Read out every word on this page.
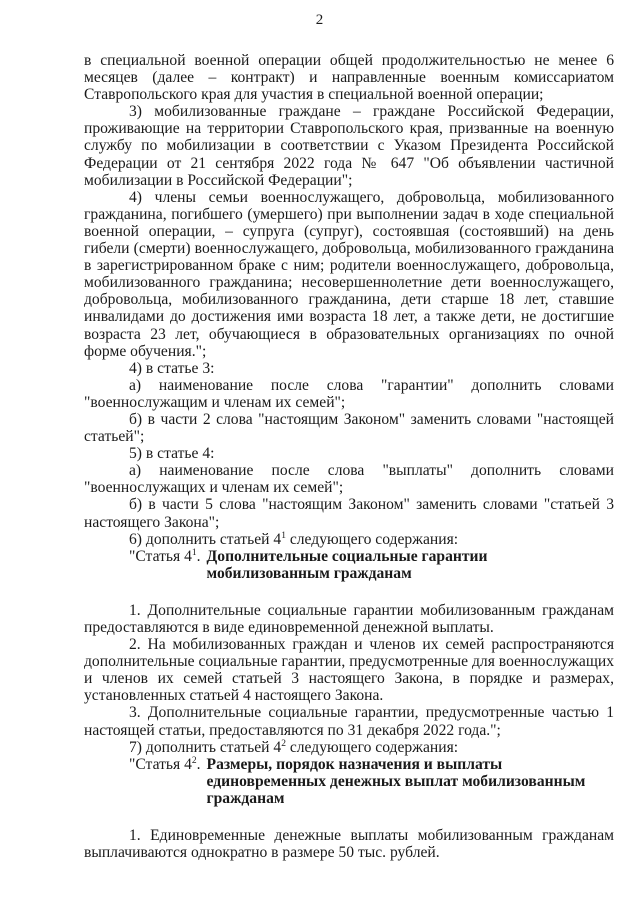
2

в специальной военной операции общей продолжительностью не менее 6 месяцев (далее – контракт) и направленные военным комиссариатом Ставропольского края для участия в специальной военной операции;

3) мобилизованные граждане – граждане Российской Федерации, проживающие на территории Ставропольского края, призванные на военную службу по мобилизации в соответствии с Указом Президента Российской Федерации от 21 сентября 2022 года № 647 "Об объявлении частичной мобилизации в Российской Федерации";

4) члены семьи военнослужащего, добровольца, мобилизованного гражданина, погибшего (умершего) при выполнении задач в ходе специальной военной операции, – супруга (супруг), состоявшая (состоявший) на день гибели (смерти) военнослужащего, добровольца, мобилизованного гражданина в зарегистрированном браке с ним; родители военнослужащего, добровольца, мобилизованного гражданина; несовершеннолетние дети военнослужащего, добровольца, мобилизованного гражданина, дети старше 18 лет, ставшие инвалидами до достижения ими возраста 18 лет, а также дети, не достигшие возраста 23 лет, обучающиеся в образовательных организациях по очной форме обучения.";

4) в статье 3:

а) наименование после слова "гарантии" дополнить словами "военнослужащим и членам их семей";

б) в части 2 слова "настоящим Законом" заменить словами "настоящей статьей";

5) в статье 4:

а) наименование после слова "выплаты" дополнить словами "военнослужащих и членам их семей";

б) в части 5 слова "настоящим Законом" заменить словами "статьей 3 настоящего Закона";

6) дополнить статьей $4^1$ следующего содержания:

"Статья $4^1$. Дополнительные социальные гарантии мобилизованным гражданам

1. Дополнительные социальные гарантии мобилизованным гражданам предоставляются в виде единовременной денежной выплаты.

2. На мобилизованных граждан и членов их семей распространяются дополнительные социальные гарантии, предусмотренные для военнослужащих и членов их семей статьей 3 настоящего Закона, в порядке и размерах, установленных статьей 4 настоящего Закона.

3. Дополнительные социальные гарантии, предусмотренные частью 1 настоящей статьи, предоставляются по 31 декабря 2022 года.";

7) дополнить статьей $4^2$ следующего содержания:

"Статья $4^2$. Размеры, порядок назначения и выплаты единовременных денежных выплат мобилизованным гражданам

1. Единовременные денежные выплаты мобилизованным гражданам выплачиваются однократно в размере 50 тыс. рублей.
